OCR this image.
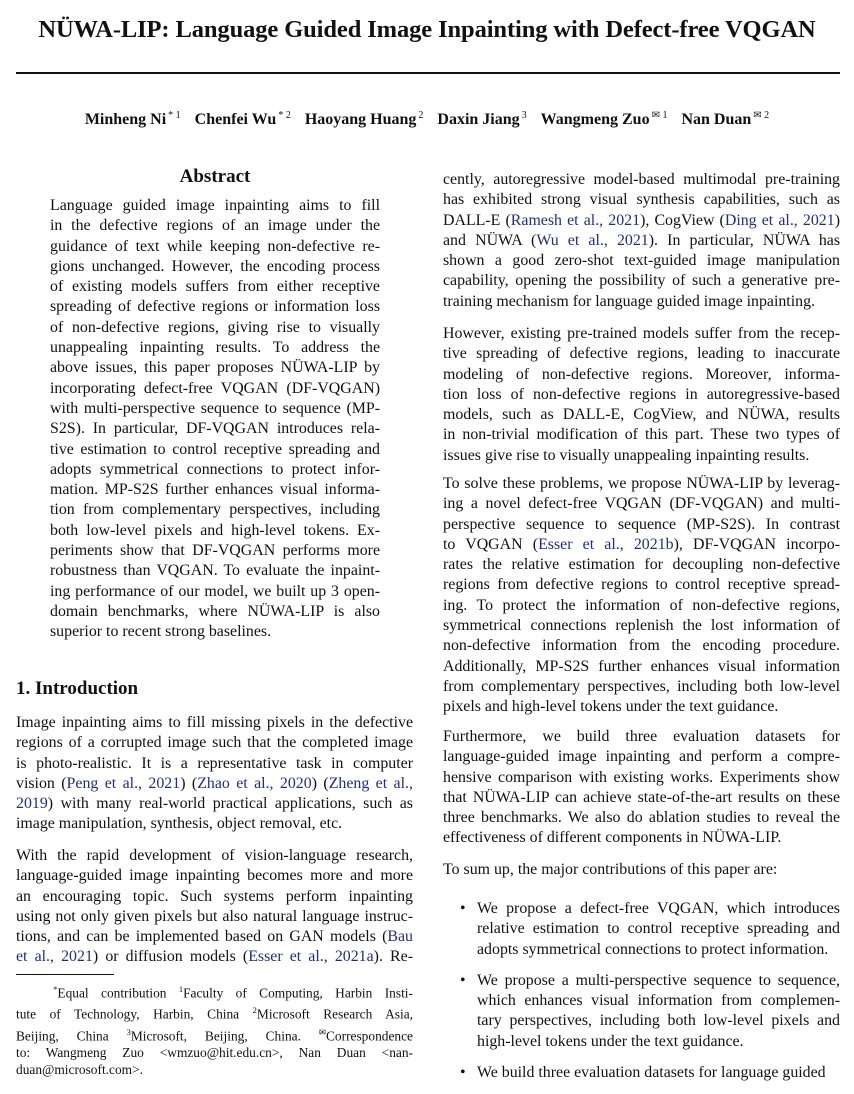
NÜWA-LIP: Language Guided Image Inpainting with Defect-free VQGAN
Minheng Ni $^{* 1}$ Chenfei Wu $^{* 2}$ Haoyang Huang $^2$ Daxin Jiang $^3$ Wangmeng Zuo $^{✉ 1}$ Nan Duan $^{✉ 2}$
Abstract
Language guided image inpainting aims to fill
in the defective regions of an image under the
guidance of text while keeping non-defective re-
gions unchanged. However, the encoding process
of existing models suffers from either receptive
spreading of defective regions or information loss
of non-defective regions, giving rise to visually
unappealing inpainting results. To address the
above issues, this paper proposes NÜWA-LIP by
incorporating defect-free VQGAN (DF-VQGAN)
with multi-perspective sequence to sequence (MP-
S2S). In particular, DF-VQGAN introduces rela-
tive estimation to control receptive spreading and
adopts symmetrical connections to protect infor-
mation. MP-S2S further enhances visual informa-
tion from complementary perspectives, including
both low-level pixels and high-level tokens. Ex-
periments show that DF-VQGAN performs more
robustness than VQGAN. To evaluate the inpaint-
ing performance of our model, we built up 3 open-
domain benchmarks, where NÜWA-LIP is also
superior to recent strong baselines.
1. Introduction
Image inpainting aims to fill missing pixels in the defective
regions of a corrupted image such that the completed image
is photo-realistic. It is a representative task in computer
vision (Peng et al., 2021) (Zhao et al., 2020) (Zheng et al.,
2019) with many real-world practical applications, such as
image manipulation, synthesis, object removal, etc.
With the rapid development of vision-language research,
language-guided image inpainting becomes more and more
an encouraging topic. Such systems perform inpainting
using not only given pixels but also natural language instruc-
tions, and can be implemented based on GAN models (Bau
et al., 2021) or diffusion models (Esser et al., 2021a). Re-
*Equal contribution $^1$Faculty of Computing, Harbin Insti-
tute of Technology, Harbin, China $^2$Microsoft Research Asia,
Beijing, China $^3$Microsoft, Beijing, China. ✉Correspondence
to: Wangmeng Zuo <wmzuo@hit.edu.cn>, Nan Duan <nan-
duan@microsoft.com>.
cently, autoregressive model-based multimodal pre-training
has exhibited strong visual synthesis capabilities, such as
DALL-E (Ramesh et al., 2021), CogView (Ding et al., 2021)
and NÜWA (Wu et al., 2021). In particular, NÜWA has
shown a good zero-shot text-guided image manipulation
capability, opening the possibility of such a generative pre-
training mechanism for language guided image inpainting.
However, existing pre-trained models suffer from the recep-
tive spreading of defective regions, leading to inaccurate
modeling of non-defective regions. Moreover, informa-
tion loss of non-defective regions in autoregressive-based
models, such as DALL-E, CogView, and NÜWA, results
in non-trivial modification of this part. These two types of
issues give rise to visually unappealing inpainting results.
To solve these problems, we propose NÜWA-LIP by leverag-
ing a novel defect-free VQGAN (DF-VQGAN) and multi-
perspective sequence to sequence (MP-S2S). In contrast
to VQGAN (Esser et al., 2021b), DF-VQGAN incorpo-
rates the relative estimation for decoupling non-defective
regions from defective regions to control receptive spread-
ing. To protect the information of non-defective regions,
symmetrical connections replenish the lost information of
non-defective information from the encoding procedure.
Additionally, MP-S2S further enhances visual information
from complementary perspectives, including both low-level
pixels and high-level tokens under the text guidance.
Furthermore, we build three evaluation datasets for
language-guided image inpainting and perform a compre-
hensive comparison with existing works. Experiments show
that NÜWA-LIP can achieve state-of-the-art results on these
three benchmarks. We also do ablation studies to reveal the
effectiveness of different components in NÜWA-LIP.
To sum up, the major contributions of this paper are:
• We propose a defect-free VQGAN, which introduces
relative estimation to control receptive spreading and
adopts symmetrical connections to protect information.
• We propose a multi-perspective sequence to sequence,
which enhances visual information from complemen-
tary perspectives, including both low-level pixels and
high-level tokens under the text guidance.
• We build three evaluation datasets for language guided
